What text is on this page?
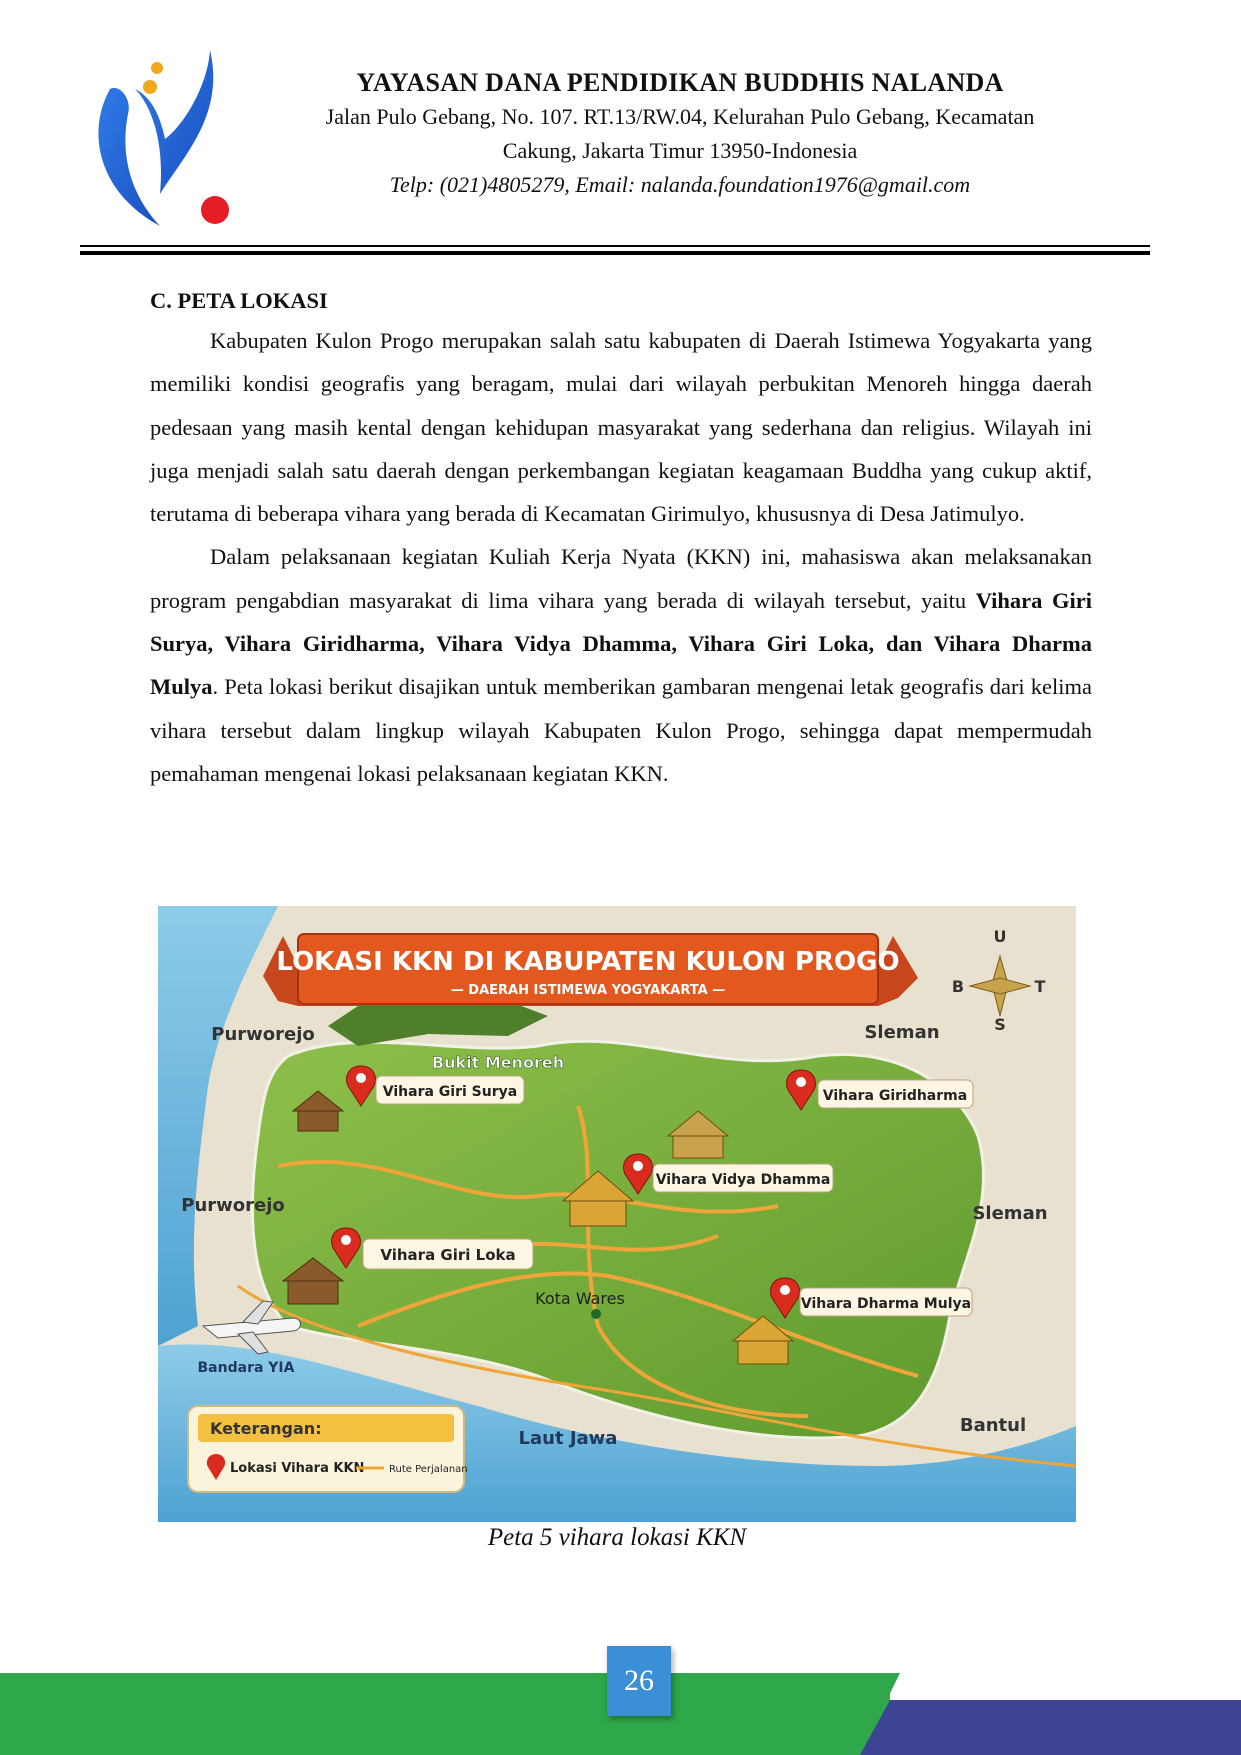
YAYASAN DANA PENDIDIKAN BUDDHIS NALANDA
Jalan Pulo Gebang, No. 107. RT.13/RW.04, Kelurahan Pulo Gebang, Kecamatan
Cakung, Jakarta Timur 13950-Indonesia
Telp: (021)4805279, Email: nalanda.foundation1976@gmail.com
C. PETA LOKASI

Kabupaten Kulon Progo merupakan salah satu kabupaten di Daerah Istimewa Yogyakarta yang memiliki kondisi geografis yang beragam, mulai dari wilayah perbukitan Menoreh hingga daerah pedesaan yang masih kental dengan kehidupan masyarakat yang sederhana dan religius. Wilayah ini juga menjadi salah satu daerah dengan perkembangan kegiatan keagamaan Buddha yang cukup aktif, terutama di beberapa vihara yang berada di Kecamatan Girimulyo, khususnya di Desa Jatimulyo.

Dalam pelaksanaan kegiatan Kuliah Kerja Nyata (KKN) ini, mahasiswa akan melaksanakan program pengabdian masyarakat di lima vihara yang berada di wilayah tersebut, yaitu Vihara Giri Surya, Vihara Giridharma, Vihara Vidya Dhamma, Vihara Giri Loka, dan Vihara Dharma Mulya. Peta lokasi berikut disajikan untuk memberikan gambaran mengenai letak geografis dari kelima vihara tersebut dalam lingkup wilayah Kabupaten Kulon Progo, sehingga dapat mempermudah pemahaman mengenai lokasi pelaksanaan kegiatan KKN.

LOKASI KKN DI KABUPATEN KULON PROGO
— DAERAH ISTIMEWA YOGYAKARTA —
U
S
B	T
Purworejo
Purworejo
Sleman
Sleman
Bantul
Laut Jawa
Bukit Menoreh
Kota Wares
Bandara YIA
Vihara Giri Surya	Vihara Giridharma
Vihara Vidya Dhamma
Vihara Giri Loka
Vihara Dharma Mulya
Keterangan:
Lokasi Vihara KKN Rute Perjalanan
Peta 5 vihara lokasi KKN
26
